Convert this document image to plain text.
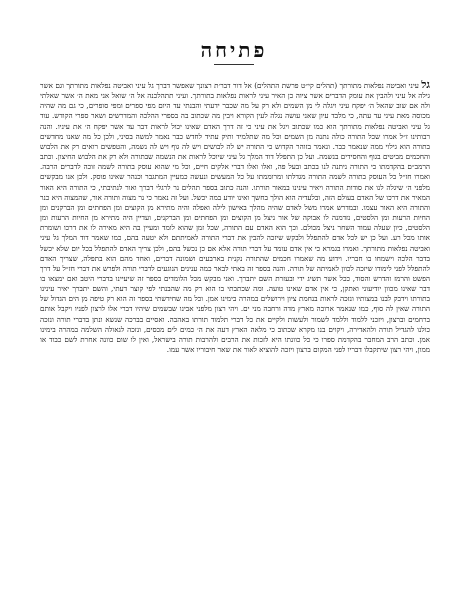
פתיחה

גל עיני ואביטה נפלאות מתורתך (תהלים קי״ט פרשת התהלים) אל דור דבר׳ת רצונך שאפשר דברך גל עיני ואביטה נפלאות מתורתך וגם אשר גילה אל עיני ולהבין את עומק הדברים אשר ציוה כן האיר עיני לראות נפלאות בתורתך. ועיני תתהלכנה אל ה׳ שואל אני מאת ה׳ אשר שאלתי ולה אם שוב שהאל ה׳ יפקח עיני ויגלה לי מן השמים ולא רק על מה שכבר ידעתי והבנתי עד היום מפי ספרים ומפי סופרים, כי גם מה שהיה מכוסה מאת עיני עד עתה, כי מלבד עיון שאני עושה נגלה לעין הקורא ויבין מה שכתוב בה בספרי ההלכה והמדרשים ושאר ספרי הקודש. עוד גל עיני ואביטה נפלאות מתורתך הוא כמו שכתוב ויגל את עיני כי זה דרך האדם שאינו יכול לראות דבר עד אשר יפקח ה׳ את עיניו. והנה רבותינו ז״ל אמרו שכל התורה כולה נתנה מן השמים וכל מה שתלמיד ותיק עתיד לחדש כבר נאמר למשה בסיני, ולכן כל מה שאנו מחדשים בתורה הוא גילוי ממה שנאמר כבר. ונאמר בזוהר הקדוש כי התורה יש לה לבושים ויש לה גוף ויש לה נשמה, והטפשים רואים רק את הלבוש והחכמים מביטים בגוף והחסידים בנשמה. ועל כן התפלל דוד המלך גל עיני שיוכל לראות את הנשמה שבתורה ולא רק את הלבוש החיצון. וכתב הרמב״ם בהקדמתו כי התורה ניתנה לנו בכתב ובעל פה, ואלו ואלו דברי אלקים חיים, וכל מי שהוא עוסק בתורה לשמה זוכה לדברים הרבה. ואמרו חז״ל כל העוסק בתורה לשמה התורה מגדלתו ומרוממתו על כל המעשים ונעשה כמעיין המתגבר וכנהר שאינו פוסק. ולכן אנו מבקשים מלפני ה׳ שיגלה לנו את סודות התורה ויאיר עינינו במאור תורתו. והנה כתוב בספר תהלים נר לרגלי דברך ואור לנתיבתי, כי התורה היא האור המאיר את דרכו של האדם בעולם הזה, ובלעדיה הוא הולך בחשך ואינו יודע במה יכשל. ועל זה נאמר כי נר מצוה ותורה אור, שהמצוה היא כנר והתורה היא האור עצמו. ובמדרש אמרו משל לאדם שהיה מהלך באישון לילה ואפלה והיה מתירא מן הקוצים ומן הפחתים ומן הברקנים ומן החיות הרעות ומן הלסטים, נזדמנה לו אבוקה של אור ניצל מן הקוצים ומן הפחתים ומן הברקנים, ועדיין היה מתירא מן החיות הרעות ומן הלסטים, כיון שעלה עמוד השחר ניצל מכולם. וכך הוא האדם עם התורה, שכל זמן שהוא לומד ומעיין בה היא מאירה לו את דרכו ושומרת אותו מכל רע. ועל כן יש לכל אדם להתפלל ולבקש שיזכה להבין את דברי התורה לאמיתתם ולא יטעה בהם, כמו שאמר דוד המלך גל עיני ואביטה נפלאות מתורתך. ואמרו בגמרא כי אין אדם עומד על דברי תורה אלא אם כן נכשל בהם, ולכן צריך האדם להתפלל בכל יום שלא יכשל בדבר הלכה וישמחו בו חבריו. וידוע מה שאמרו חכמים שהתורה נקנית בארבעים ושמונה דברים, ואחד מהם הוא בתפלה, שצריך האדם להתפלל לפני לימודו שיזכה לכוון לאמיתה של תורה. והנה בספר זה באתי לבאר כמה ענינים הנוגעים לדברי תורה ולפרש את דברי חז״ל על דרך הפשט והרמז והדרש והסוד, ככל אשר תשיג ידי ובעזרת השם יתברך. ואני מבקש מכל הלומדים בספר זה שיעיינו בדברי היטב ואם ימצאו בו דבר שאינו מכוון יודיעוני ואתקן, כי אין אדם שאינו טועה. ומה שכתבתי בו הוא רק מה שהבנתי לפי קוצר דעתי, והשם יתברך יאיר עינינו בתורתו וידבק לבנו במצותיו ונזכה לראות בנחמת ציון וירושלים במהרה בימינו אמן. וכל מה שחידשתי בספר זה הוא רק טיפה מן הים הגדול של התורה שאין לה סוף, כמו שנאמר ארוכה מארץ מדה ורחבה מני ים. ויהי רצון מלפני אבינו שבשמים שיהיו דברי אלו לרצון לפניו ויקבל אותם ברחמים וברצון, ויזכני ללמוד וללמד לשמור ולעשות ולקיים את כל דברי תלמוד תורתו באהבה. ואסיים בברכה שנשא ונתן בדברי תורה ונזכה כולנו להגדיל תורה ולהאדירה, ויקוים בנו מקרא שכתוב כי מלאה הארץ דעה את ה׳ כמים לים מכסים, ונזכה לגאולה השלמה במהרה בימינו אמן. וכתב הרב המחבר בהקדמת ספרו כי כל כוונתו היא לזכות את הרבים ולהרבות תורה בישראל, ואין לו שום כוונה אחרת לשם כבוד או ממון, ויהי רצון שיתקבלו דבריו לפני המקום ברצון ויזכה להוציא לאור את שאר חיבוריו אשר עמו.
